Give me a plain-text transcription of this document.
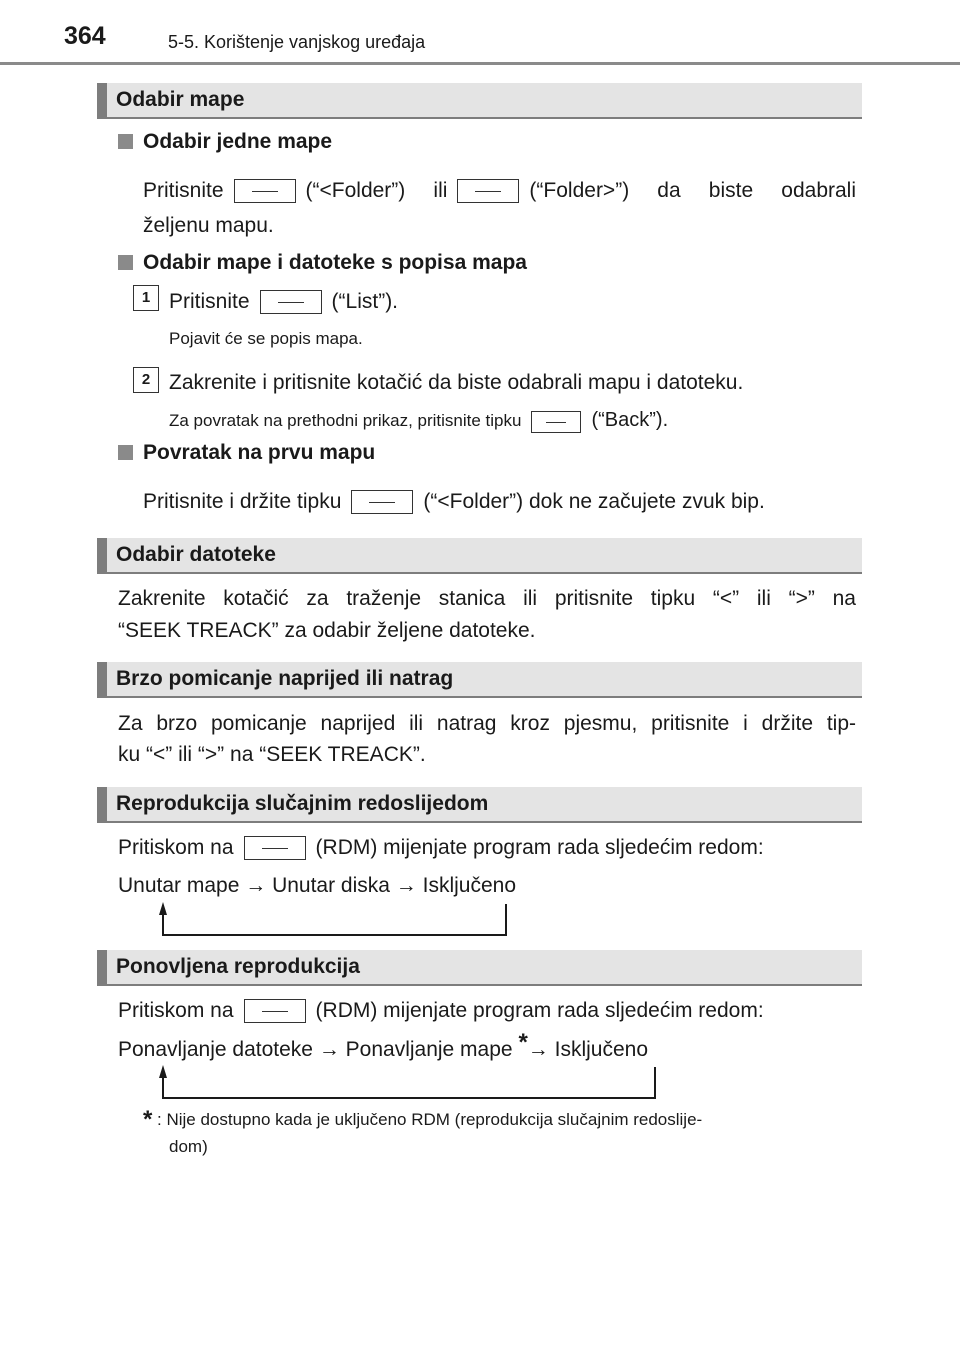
364	5-5. Korištenje vanjskog uređaja
Odabir mape
Odabir jedne mape
Pritisnite	(“<Folder”) ili	(“Folder>”) da biste odabrali
željenu mapu.
Odabir mape i datoteke s popisa mapa
1 Pritisnite	(“List”).
Pojavit će se popis mapa.
2 Zakrenite i pritisnite kotačić da biste odabrali mapu i datoteku.
Za povratak na prethodni prikaz, pritisnite tipku	(“Back”).
Povratak na prvu mapu
Pritisnite i držite tipku	(“<Folder”) dok ne začujete zvuk bip.
Odabir datoteke
Zakrenite kotačić za traženje stanica ili pritisnite tipku “<” ili “>” na
“SEEK TREACK” za odabir željene datoteke.
Brzo pomicanje naprijed ili natrag
Za brzo pomicanje naprijed ili natrag kroz pjesmu, pritisnite i držite tip-
ku “<” ili “>” na “SEEK TREACK”.
Reprodukcija slučajnim redoslijedom
Pritiskom na	(RDM) mijenjate program rada sljedećim redom:
Unutar mape → Unutar diska → Isključeno
Ponovljena reprodukcija
Pritiskom na	(RDM) mijenjate program rada sljedećim redom:
Ponavljanje datoteke → Ponavljanje mape *→ Isključeno
* : Nije dostupno kada je uključeno RDM (reprodukcija slučajnim redoslije-
dom)
